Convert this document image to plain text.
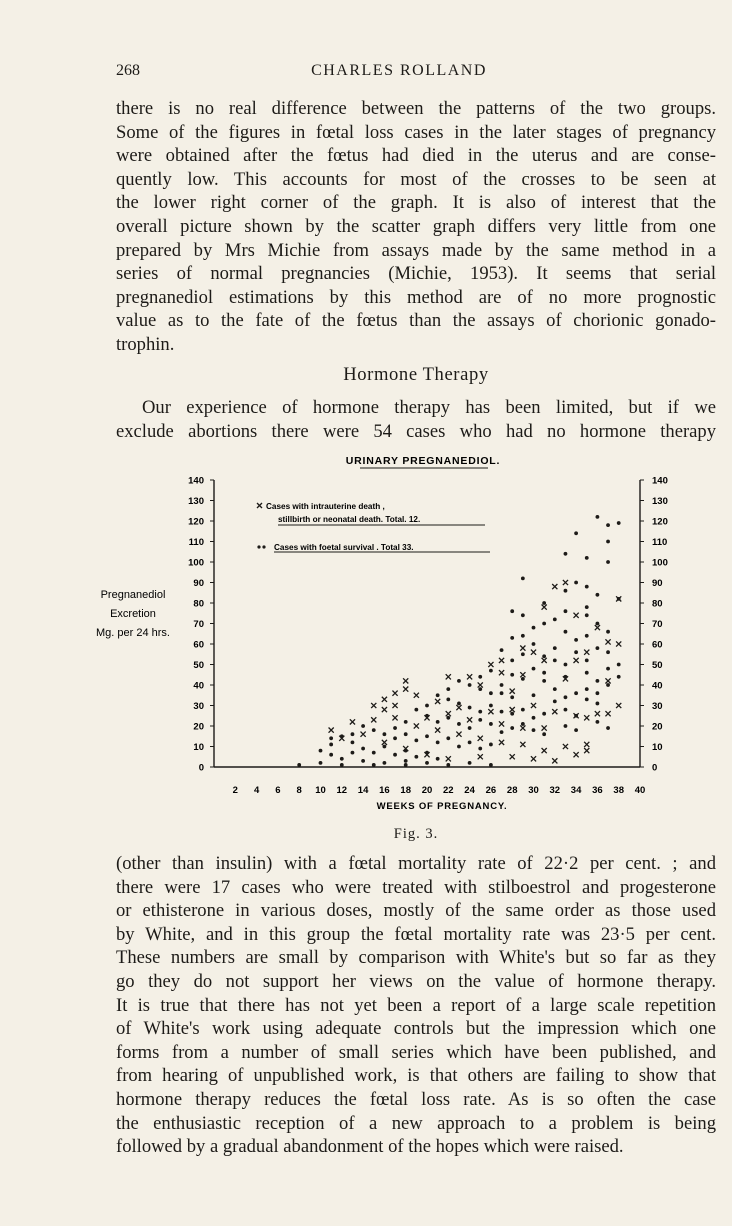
268	CHARLES ROLLAND
there is no real difference between the patterns of the two groups.
Some of the figures in fœtal loss cases in the later stages of pregnancy
were obtained after the fœtus had died in the uterus and are conse-
quently low. This accounts for most of the crosses to be seen at
the lower right corner of the graph. It is also of interest that the
overall picture shown by the scatter graph differs very little from one
prepared by Mrs Michie from assays made by the same method in a
series of normal pregnancies (Michie, 1953). It seems that serial
pregnanediol estimations by this method are of no more prognostic
value as to the fate of the fœtus than the assays of chorionic gonado-
trophin.
Hormone Therapy
Our experience of hormone therapy has been limited, but if we
exclude abortions there were 54 cases who had no hormone therapy
URINARY PREGNANEDIOL.
0	0
10	10
20	20
30	30
40	40
50	50
60	60
70	70
80	80
90	90
100	100
110	110
120	120
130	130
140	140
2 4 6 8 10 12 14 16 18 20 22 24 26 28 30 32 34 36 38 40
Pregnanediol
Excretion
Mg. per 24 hrs.
Cases with intrauterine death ,
stillbirth or neonatal death. Total. 12.
Cases with foetal survival . Total 33.
WEEKS OF PREGNANCY.
Fig. 3.
(other than insulin) with a fœtal mortality rate of 22·2 per cent. ; and
there were 17 cases who were treated with stilboestrol and progesterone
or ethisterone in various doses, mostly of the same order as those used
by White, and in this group the fœtal mortality rate was 23·5 per cent.
These numbers are small by comparison with White's but so far as they
go they do not support her views on the value of hormone therapy.
It is true that there has not yet been a report of a large scale repetition
of White's work using adequate controls but the impression which one
forms from a number of small series which have been published, and
from hearing of unpublished work, is that others are failing to show that
hormone therapy reduces the fœtal loss rate. As is so often the case
the enthusiastic reception of a new approach to a problem is being
followed by a gradual abandonment of the hopes which were raised.
